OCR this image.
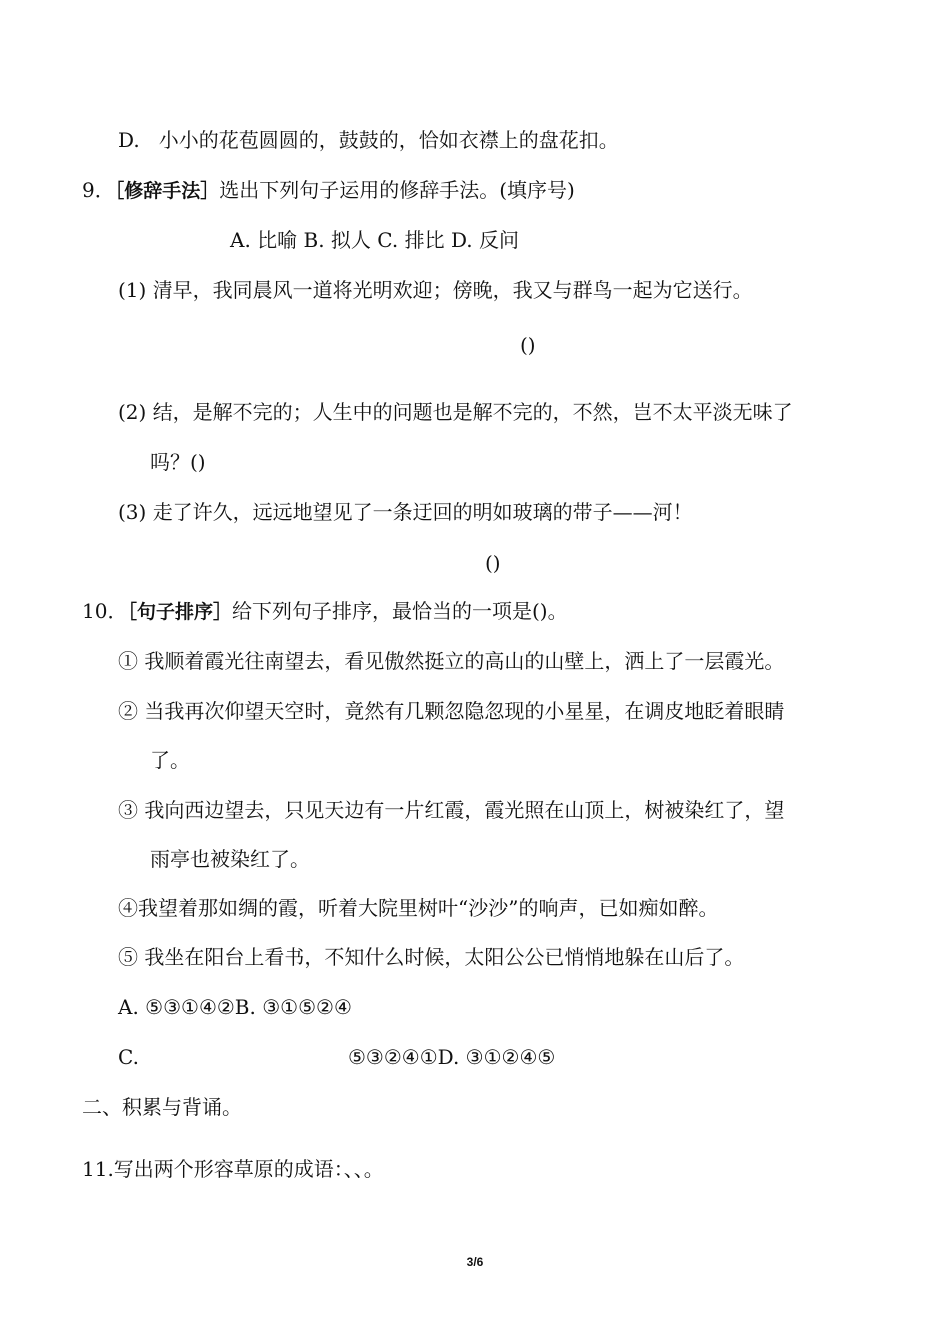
D.   小小的花苞圆圆的，鼓鼓的，恰如衣襟上的盘花扣。
9．［修辞手法］选出下列句子运用的修辞手法。(填序号)
A. 比喻 B. 拟人 C. 排比 D. 反问
(1) 清早，我同晨风一道将光明欢迎；傍晚，我又与群鸟一起为它送行。
()
(2) 结，是解不完的；人生中的问题也是解不完的，不然，岂不太平淡无味了
吗？()
(3) 走了许久，远远地望见了一条迂回的明如玻璃的带子——河！
()
10．［句子排序］给下列句子排序，最恰当的一项是()。
① 我顺着霞光往南望去，看见傲然挺立的高山的山壁上，洒上了一层霞光。
② 当我再次仰望天空时，竟然有几颗忽隐忽现的小星星，在调皮地眨着眼睛
了。
③ 我向西边望去，只见天边有一片红霞，霞光照在山顶上，树被染红了，望
雨亭也被染红了。
④我望着那如绸的霞，听着大院里树叶“沙沙”的响声，已如痴如醉。
⑤ 我坐在阳台上看书，不知什么时候，太阳公公已悄悄地躲在山后了。
A. ⑤③①④②B. ③①⑤②④
C.	⑤③②④①D. ③①②④⑤
二、积累与背诵。
11.写出两个形容草原的成语：、、。
3/6
